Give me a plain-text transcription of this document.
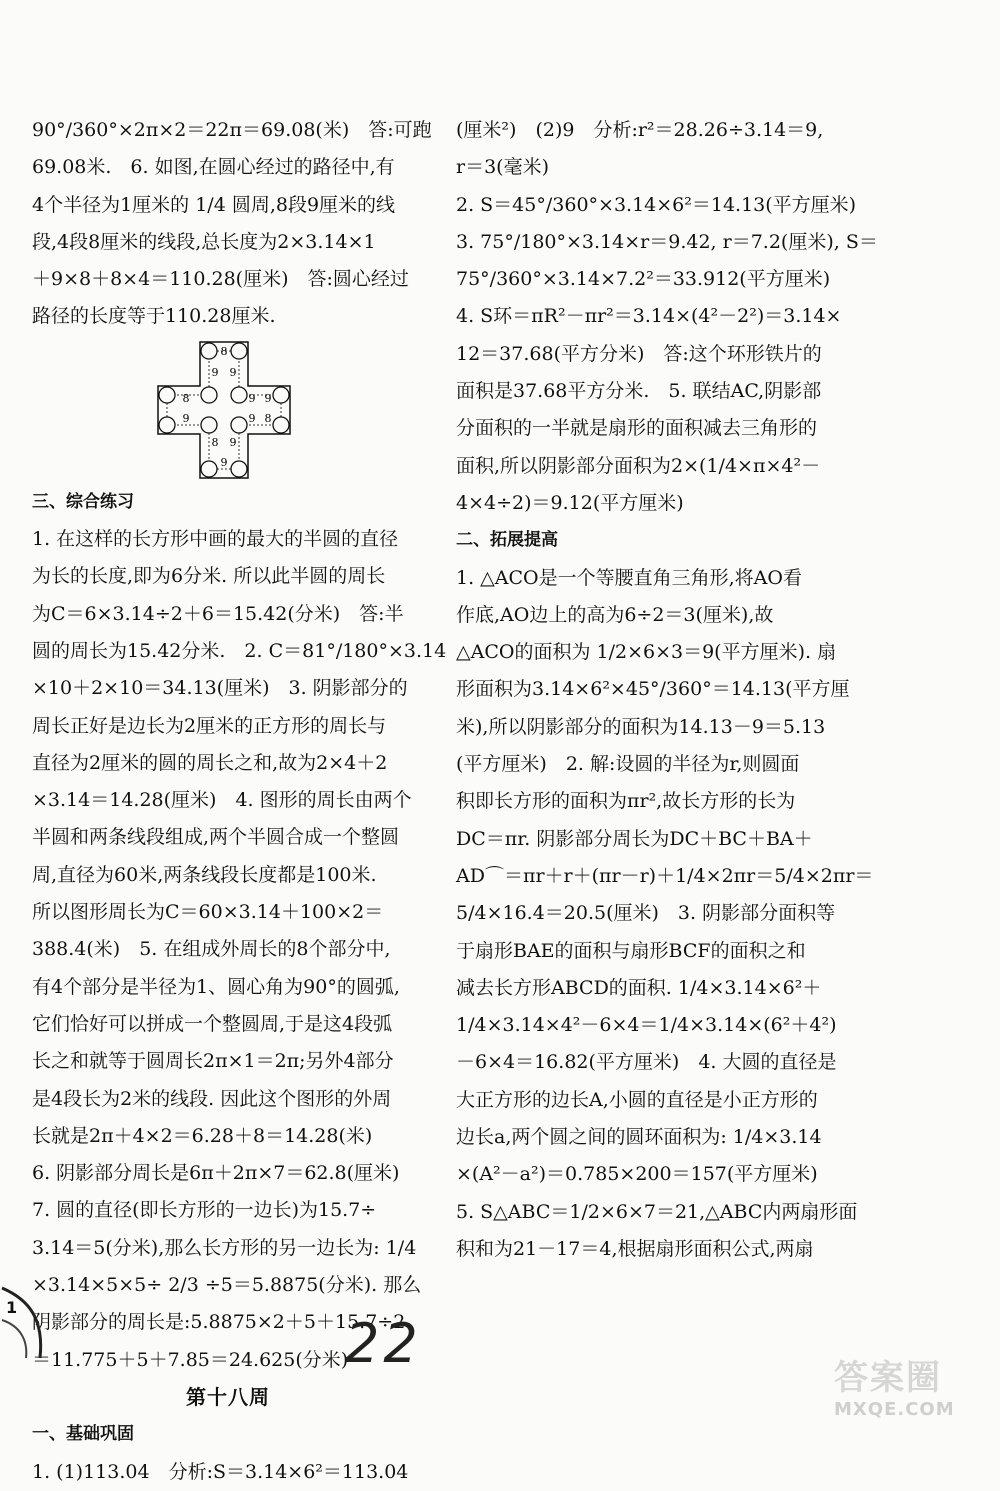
90°/360°×2π×2＝22π＝69.08(米)　答:可跑
69.08米.　6. 如图,在圆心经过的路径中,有
4个半径为1厘米的 1/4 圆周,8段9厘米的线
段,4段8厘米的线段,总长度为2×3.14×1
＋9×8＋8×4＝110.28(厘米)　答:圆心经过
路径的长度等于110.28厘米.
8
9 9
8	9 9
9	9
8 9
9
8
三、综合练习
1. 在这样的长方形中画的最大的半圆的直径
为长的长度,即为6分米. 所以此半圆的周长
为C＝6×3.14÷2＋6＝15.42(分米)　答:半
圆的周长为15.42分米.　2. C＝81°/180°×3.14
×10＋2×10＝34.13(厘米)　3. 阴影部分的
周长正好是边长为2厘米的正方形的周长与
直径为2厘米的圆的周长之和,故为2×4＋2
×3.14＝14.28(厘米)　4. 图形的周长由两个
半圆和两条线段组成,两个半圆合成一个整圆
周,直径为60米,两条线段长度都是100米.
所以图形周长为C＝60×3.14＋100×2＝
388.4(米)　5. 在组成外周长的8个部分中,
有4个部分是半径为1、圆心角为90°的圆弧,
它们恰好可以拼成一个整圆周,于是这4段弧
长之和就等于圆周长2π×1＝2π;另外4部分
是4段长为2米的线段. 因此这个图形的外周
长就是2π＋4×2＝6.28＋8＝14.28(米)
6. 阴影部分周长是6π＋2π×7＝62.8(厘米)
7. 圆的直径(即长方形的一边长)为15.7÷
3.14＝5(分米),那么长方形的另一边长为: 1/4
×3.14×5×5÷ 2/3 ÷5＝5.8875(分米). 那么
阴影部分的周长是:5.8875×2＋5＋15.7÷2
＝11.775＋5＋7.85＝24.625(分米)
第十八周
一、基础巩固
1. (1)113.04　分析:S＝3.14×6²＝113.04
(厘米²)　(2)9　分析:r²＝28.26÷3.14＝9,
r＝3(毫米)
2. S＝45°/360°×3.14×6²＝14.13(平方厘米)
3. 75°/180°×3.14×r＝9.42, r＝7.2(厘米), S＝
75°/360°×3.14×7.2²＝33.912(平方厘米)
4. S环＝πR²－πr²＝3.14×(4²－2²)＝3.14×
12＝37.68(平方分米)　答:这个环形铁片的
面积是37.68平方分米.　5. 联结AC,阴影部
分面积的一半就是扇形的面积减去三角形的
面积,所以阴影部分面积为2×(1/4×π×4²－
4×4÷2)＝9.12(平方厘米)
二、拓展提高
1. △ACO是一个等腰直角三角形,将AO看
作底,AO边上的高为6÷2＝3(厘米),故
△ACO的面积为 1/2×6×3＝9(平方厘米). 扇
形面积为3.14×6²×45°/360°＝14.13(平方厘
米),所以阴影部分的面积为14.13－9＝5.13
(平方厘米)　2. 解:设圆的半径为r,则圆面
积即长方形的面积为πr²,故长方形的长为
DC＝πr. 阴影部分周长为DC＋BC＋BA＋
AD⌒＝πr＋r＋(πr－r)＋1/4×2πr＝5/4×2πr＝
5/4×16.4＝20.5(厘米)　3. 阴影部分面积等
于扇形BAE的面积与扇形BCF的面积之和
减去长方形ABCD的面积. 1/4×3.14×6²＋
1/4×3.14×4²－6×4＝1/4×3.14×(6²＋4²)
－6×4＝16.82(平方厘米)　4. 大圆的直径是
大正方形的边长A,小圆的直径是小正方形的
边长a,两个圆之间的圆环面积为: 1/4×3.14
×(A²－a²)＝0.785×200＝157(平方厘米)
5. S△ABC＝1/2×6×7＝21,△ABC内两扇形面
积和为21－17＝4,根据扇形面积公式,两扇
1
22
答案圈
MXQE.COM
